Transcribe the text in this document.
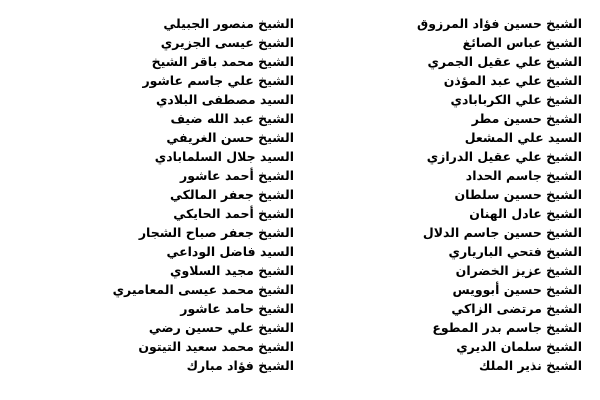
الشيخ حسين فؤاد المرزوق
الشيخ منصور الجبيلي
الشيخ عباس الصائغ
الشيخ عيسى الجزيري
الشيخ علي عقيل الجمري
الشيخ محمد باقر الشيخ
الشيخ علي عبد المؤذن
الشيخ علي جاسم عاشور
الشيخ علي الكربابادي
السيد مصطفى البلادي
الشيخ حسين مطر
الشيخ عبد الله ضيف
السيد علي المشعل
الشيخ حسن الغريفي
الشيخ علي عقيل الدرازي
السيد جلال السلمابادي
الشيخ جاسم الحداد
الشيخ أحمد عاشور
الشيخ حسين سلطان
الشيخ جعفر المالكي
الشيخ عادل الهنان
الشيخ أحمد الحايكي
الشيخ حسين جاسم الدلال
الشيخ جعفر صباح الشجار
الشيخ فتحي البارياري
السيد فاضل الوداعي
الشيخ عزيز الخضران
الشيخ مجيد السلاوي
الشيخ حسين أبوويس
الشيخ محمد عيسى المعاميري
الشيخ مرتضى الزاكي
الشيخ حامد عاشور
الشيخ جاسم بدر المطوع
الشيخ علي حسين رضي
الشيخ سلمان الديري
الشيخ محمد سعيد التيتون
الشيخ نذير الملك
الشيخ فؤاد مبارك
